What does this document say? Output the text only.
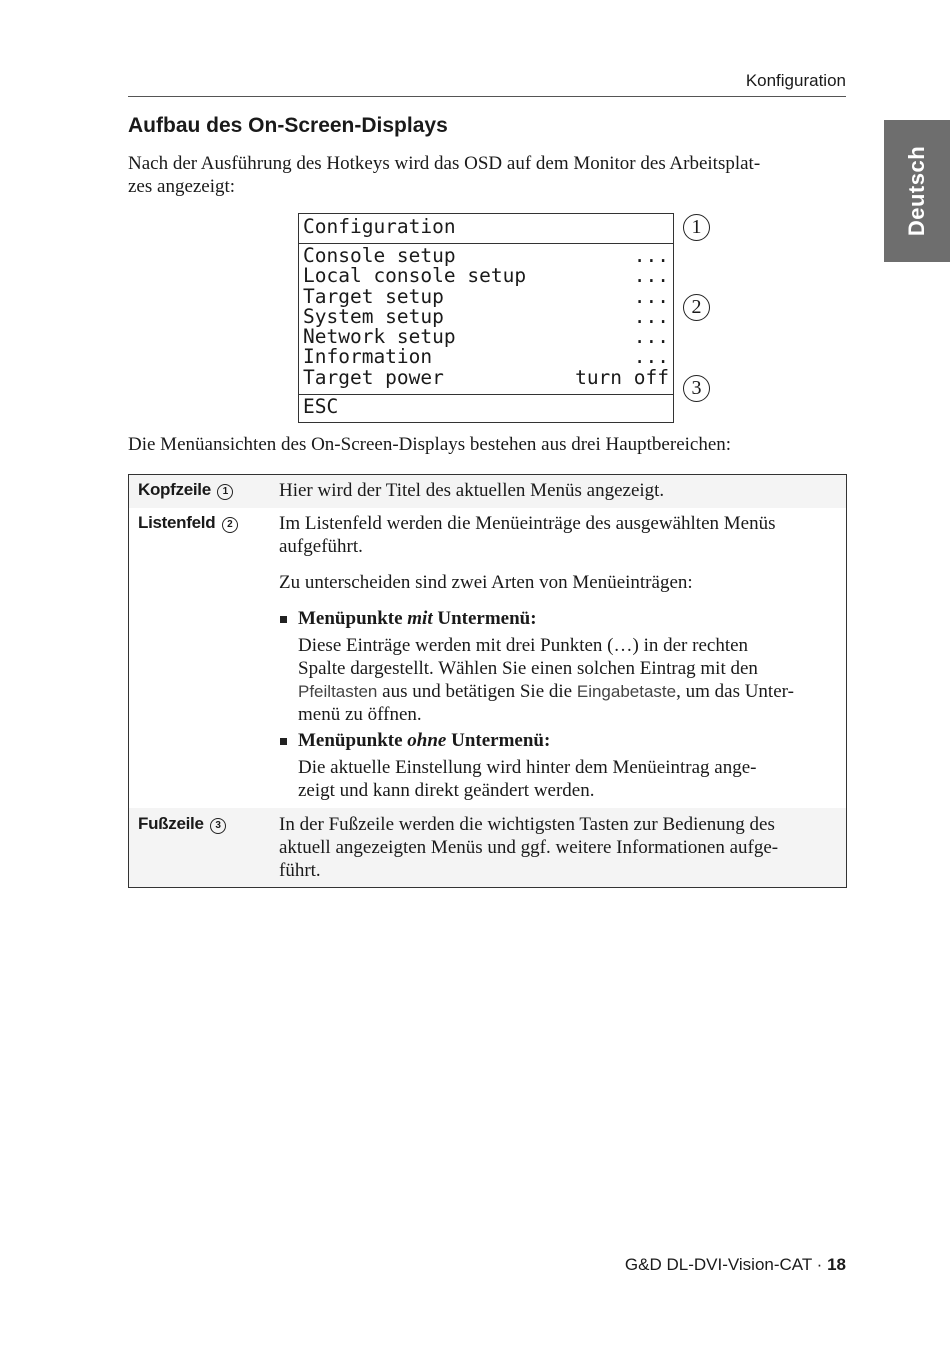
Konfiguration
Deutsch
Aufbau des On-Screen-Displays
Nach der Ausführung des Hotkeys wird das OSD auf dem Monitor des Arbeitsplat-
zes angezeigt:
Configuration
Console setup	...
Local console setup	...
Target setup	...
System setup	...
Network setup	...
Information	...
Target power	turn off
ESC
1
2
3
Die Menüansichten des On-Screen-Displays bestehen aus drei Hauptbereichen:
Kopfzeile 1	Hier wird der Titel des aktuellen Menüs angezeigt.
Listenfeld 2 Im Listenfeld werden die Menüeinträge des ausgewählten Menüs
aufgeführt.
Zu unterscheiden sind zwei Arten von Menüeinträgen:
Menüpunkte mit Untermenü:
Diese Einträge werden mit drei Punkten (…) in der rechten
Spalte dargestellt. Wählen Sie einen solchen Eintrag mit den
Pfeiltasten aus und betätigen Sie die Eingabetaste, um das Unter-
menü zu öffnen.
Menüpunkte ohne Untermenü:
Die aktuelle Einstellung wird hinter dem Menüeintrag ange-
zeigt und kann direkt geändert werden.
Fußzeile 3	In der Fußzeile werden die wichtigsten Tasten zur Bedienung des
aktuell angezeigten Menüs und ggf. weitere Informationen aufge-
führt.
G&D DL-DVI-Vision-CAT · 18
